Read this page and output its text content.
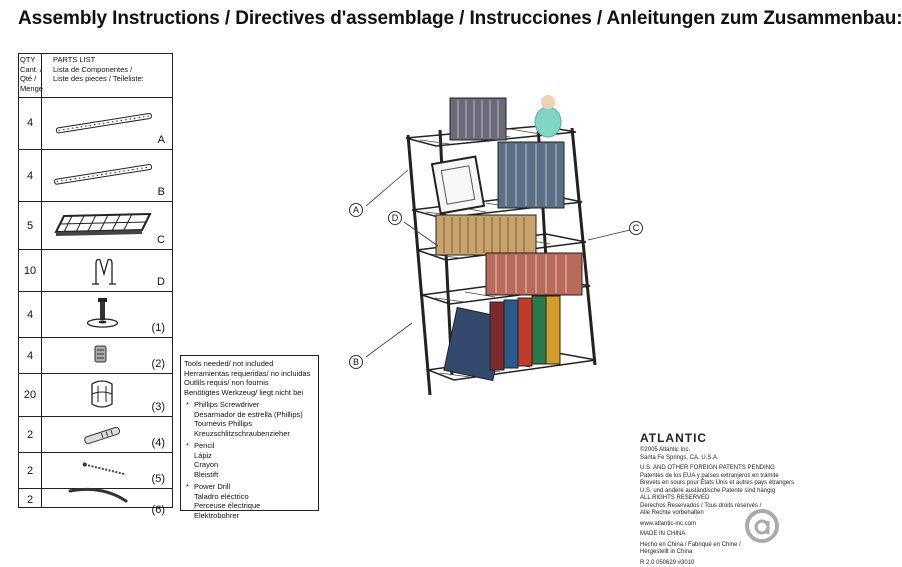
Assembly Instructions / Directives d'assemblage / Instrucciones / Anleitungen zum Zusammenbau:
QTY
Cant. /
Qté /
Menge
PARTS LIST
Lista de Componentes /
Liste des pieces / Teileliste:
4
A
4
B
5
C
10
D
4
(1)
4
(2)
20
(3)
2
(4)
2
(5)
2
(6)
Tools needed/ not included
Herramientas requeridas/ no incluidas
Outlils requis/ non fournis
Benötigtes Werkzeug/ liegt nicht bei
* Phillips Screwdriver
Desarmador de estrella (Phillips)
Tournevis Phillips
Kreuzschlitzschraubenzieher
* Pencil
Lápiz
Crayon
Bleistift
* Power Drill
Taladro eléctrico
Perceuse électrique
Elektrobohrer
A
D
C
B
ATLANTIC
©2005 Atlantic Inc.
Santa Fe Springs, CA. U.S.A.
U.S. AND OTHER FOREIGN PATENTS PENDING
Patentes de los EUA y países extranjeros en trámite
Brevets en sours pour États Unis et autres pays étrangers
U.S. und andere ausländische Patente sind hängig
ALL RIGHTS RESERVED
Derechos Reservados / Tous droits réservés /
Alle Rechte vorbehalten
www.atlantic-inc.com
MADE IN CHINA
Hecho en China / Fabriqué en Chine /
Hergestellt in China
R 2.0 050629 #3010
